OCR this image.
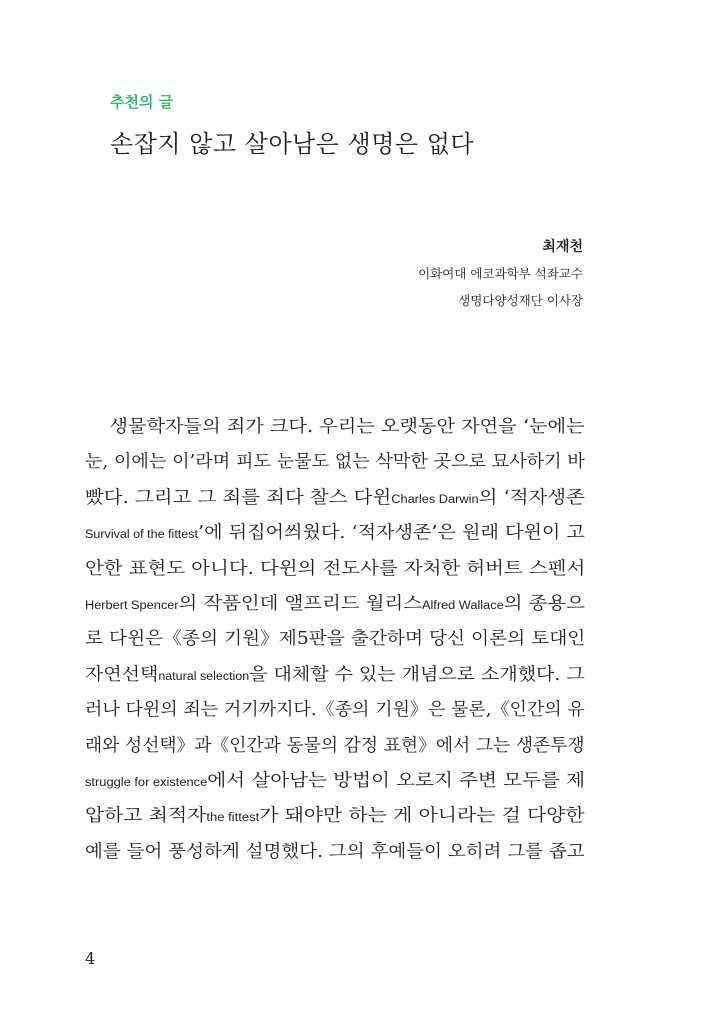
추천의 글
손잡지 않고 살아남은 생명은 없다
최재천
이화여대 에코과학부 석좌교수
생명다양성재단 이사장
생물학자들의 죄가 크다. 우리는 오랫동안 자연을 ‘눈에는
눈, 이에는 이’라며 피도 눈물도 없는 삭막한 곳으로 묘사하기 바
빴다. 그리고 그 죄를 죄다 찰스 다윈Charles Darwin의 ‘적자생존
Survival of the fittest’에 뒤집어씌웠다. ‘적자생존’은 원래 다윈이 고
안한 표현도 아니다. 다윈의 전도사를 자처한 허버트 스펜서
Herbert Spencer의 작품인데 앨프리드 월리스Alfred Wallace의 종용으
로 다윈은《종의 기원》제5판을 출간하며 당신 이론의 토대인
자연선택natural selection을 대체할 수 있는 개념으로 소개했다. 그
러나 다윈의 죄는 거기까지다.《종의 기원》은 물론,《인간의 유
래와 성선택》과《인간과 동물의 감정 표현》에서 그는 생존투쟁
struggle for existence에서 살아남는 방법이 오로지 주변 모두를 제
압하고 최적자the fittest가 돼야만 하는 게 아니라는 걸 다양한
예를 들어 풍성하게 설명했다. 그의 후예들이 오히려 그를 좁고
4
